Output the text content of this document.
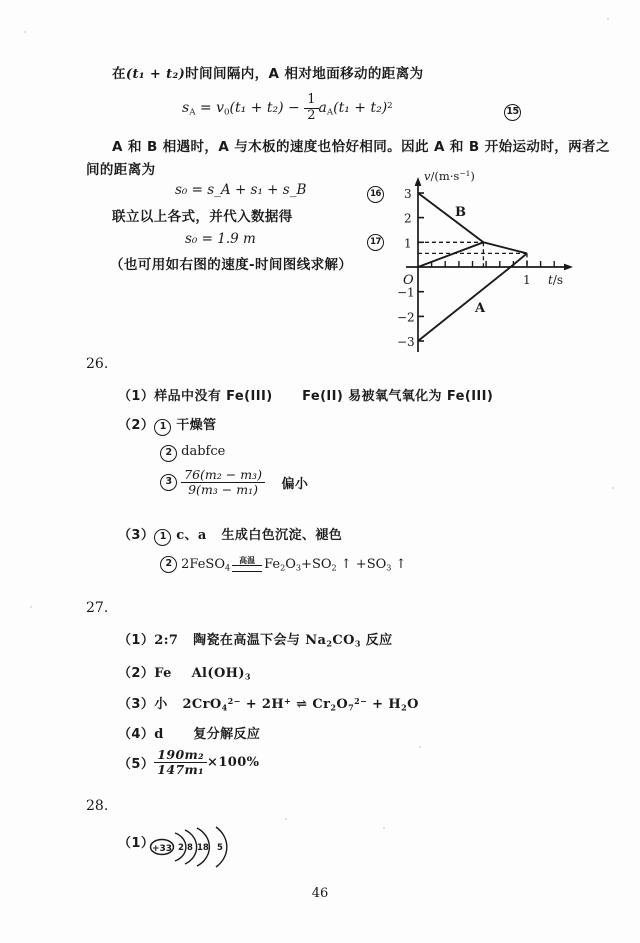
在(t₁ + t₂)时间间隔内，A 相对地面移动的距离为
$s_A = v_0(t_1 + t_2) - \frac{1}{2} a_A(t_1 + t_2)^2$
15
A 和 B 相遇时，A 与木板的速度也恰好相同。因此 A 和 B 开始运动时，两者之
间的距离为
s₀ = s_A + s₁ + s_B	16
联立以上各式，并代入数据得
s₀ = 1.9 m	17
（也可用如右图的速度-时间图线求解）
$v/(m\cdot s^{-1})$
t/s
1
O
3
2
1
−1
−2
−3
B
A
26.
（1）样品中没有 Fe(III) Fe(II) 易被氧气氧化为 Fe(III)
（2） 1 干燥管
2 dabfce
$3 \frac{\text{76(m₂ − m₃)}}{\text{9(m₃ − m₁)}}$ 偏小
（3） 1 c、a 生成白色沉淀、褪色
2 2FeSO$_4$
高温 $Fe_2O_3+SO_2$ ↑ $+SO_3$ ↑
27.
（1）2:7 陶瓷在高温下会与 $Na_2CO_3$ 反应
（2）Fe $Al(OH)_3$
（3）小 2CrO$_4^{2-}$ + 2H+ ⇌ $Cr_2O_7^{2-} + H_2O$
（4）d 复分解反应
$(5) \frac{\text{190m₂}}{\text{147m₁}} \times 100\%$
28.
（1）
+33 2 8 18 5
46
